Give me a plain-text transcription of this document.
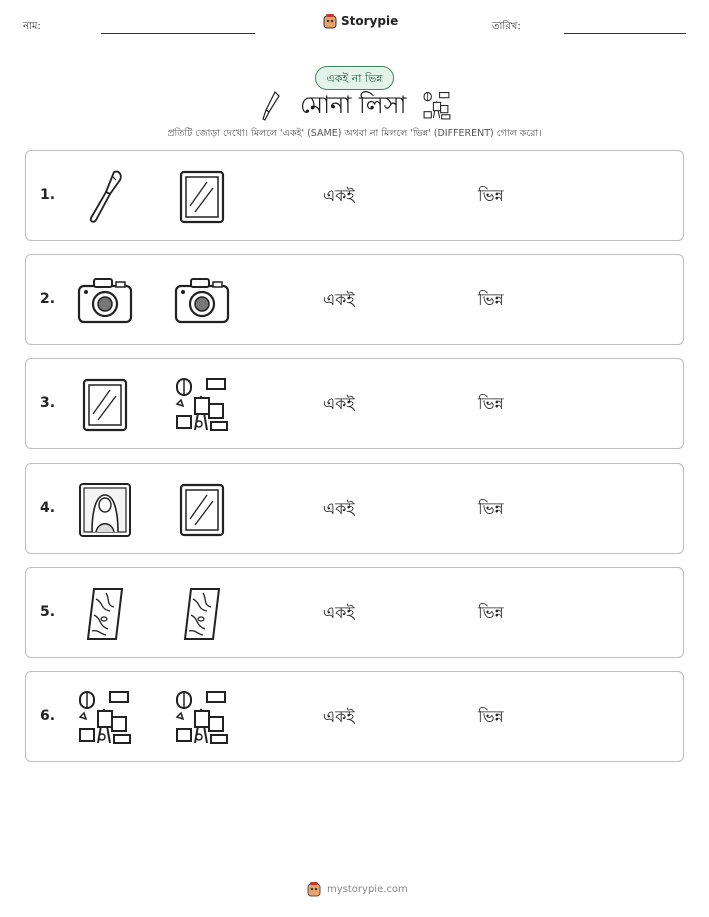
নাম:	Storypie	তারিখ:
একই না ভিন্ন
মোনা লিসা
প্রতিটি জোড়া দেখো। মিললে 'একই' (SAME) অথবা না মিললে 'ভিন্ন' (DIFFERENT) গোল করো।
1.	একই	ভিন্ন
2.	একই	ভিন্ন
3.	একই	ভিন্ন
4.	একই	ভিন্ন
5.	একই	ভিন্ন
6.	একই	ভিন্ন
mystorypie.com
